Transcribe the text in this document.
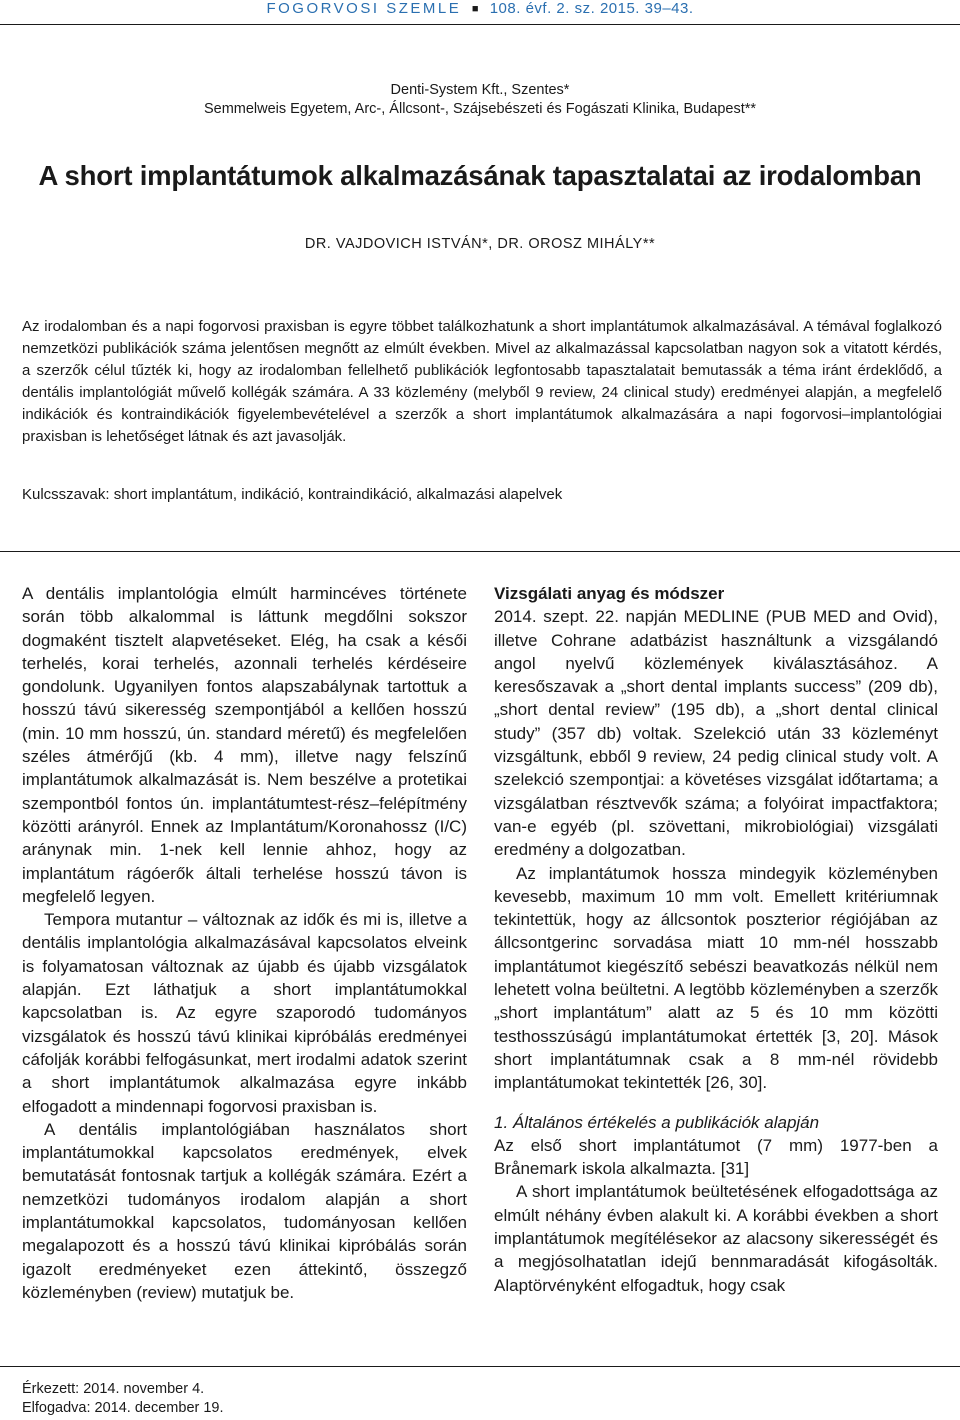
FOGORVOSI SZEMLE ■ 108. évf. 2. sz. 2015. 39–43.
Denti-System Kft., Szentes*
Semmelweis Egyetem, Arc-, Állcsont-, Szájsebészeti és Fogászati Klinika, Budapest**
A short implantátumok alkalmazásának tapasztalatai az irodalomban
DR. VAJDOVICH ISTVÁN*, DR. OROSZ MIHÁLY**

Az irodalomban és a napi fogorvosi praxisban is egyre többet találkozhatunk a short implantátumok alkalmazásával. A témával foglalkozó nemzetközi publikációk száma jelentősen megnőtt az elmúlt években. Mivel az alkalmazással kapcsolatban nagyon sok a vitatott kérdés, a szerzők célul tűzték ki, hogy az irodalomban fellelhető publikációk legfontosabb tapasztalatait bemutassák a téma iránt érdeklődő, a dentális implantológiát művelő kollégák számára. A 33 közlemény (melyből 9 review, 24 clinical study) eredményei alapján, a megfelelő indikációk és kontraindikációk figyelembevételével a szerzők a short implantátumok alkalmazására a napi fogorvosi–implantológiai praxisban is lehetőséget látnak és azt javasolják.

Kulcsszavak: short implantátum, indikáció, kontraindikáció, alkalmazási alapelvek

A dentális implantológia elmúlt harmincéves története során több alkalommal is láttunk megdőlni sokszor dogmaként tisztelt alapvetéseket. Elég, ha csak a késői terhelés, korai terhelés, azonnali terhelés kérdéseire gondolunk. Ugyanilyen fontos alapszabálynak tartottuk a hosszú távú sikeresség szempontjából a kellően hosszú (min. 10 mm hosszú, ún. standard méretű) és megfelelően széles átmérőjű (kb. 4 mm), illetve nagy felszínű implantátumok alkalmazását is. Nem beszélve a protetikai szempontból fontos ún. implantátumtest-rész–felépítmény közötti arányról. Ennek az Implantátum/Koronahossz (I/C) aránynak min. 1-nek kell lennie ahhoz, hogy az implantátum rágóerők általi terhelése hosszú távon is megfelelő legyen.

Tempora mutantur – változnak az idők és mi is, illetve a dentális implantológia alkalmazásával kapcsolatos elveink is folyamatosan változnak az újabb és újabb vizsgálatok alapján. Ezt láthatjuk a short implantátumokkal kapcsolatban is. Az egyre szaporodó tudományos vizsgálatok és hosszú távú klinikai kipróbálás eredményei cáfolják korábbi felfogásunkat, mert irodalmi adatok szerint a short implantátumok alkalmazása egyre inkább elfogadott a mindennapi fogorvosi praxisban is.

A dentális implantológiában használatos short implantátumokkal kapcsolatos eredmények, elvek bemutatását fontosnak tartjuk a kollégák számára. Ezért a nemzetközi tudományos irodalom alapján a short implantátumokkal kapcsolatos, tudományosan kellően megalapozott és a hosszú távú klinikai kipróbálás során igazolt eredményeket ezen áttekintő, összegző közleményben (review) mutatjuk be.

Vizsgálati anyag és módszer

2014. szept. 22. napján MEDLINE (PUB MED and Ovid), illetve Cohrane adatbázist használtunk a vizsgálandó angol nyelvű közlemények kiválasztásához. A keresőszavak a „short dental implants success” (209 db), „short dental review” (195 db), a „short dental clinical study” (357 db) voltak. Szelekció után 33 közleményt vizsgáltunk, ebből 9 review, 24 pedig clinical study volt. A szelekció szempontjai: a követéses vizsgálat időtartama; a vizsgálatban résztvevők száma; a folyóirat impactfaktora; van-e egyéb (pl. szövettani, mikrobiológiai) vizsgálati eredmény a dolgozatban.

Az implantátumok hossza mindegyik közleményben kevesebb, maximum 10 mm volt. Emellett kritériumnak tekintettük, hogy az állcsontok poszterior régiójában az állcsontgerinc sorvadása miatt 10 mm-nél hosszabb implantátumot kiegészítő sebészi beavatkozás nélkül nem lehetett volna beültetni. A legtöbb közleményben a szerzők „short implantátum” alatt az 5 és 10 mm közötti testhosszúságú implantátumokat értették [3, 20]. Mások short implantátumnak csak a 8 mm-nél rövidebb implantátumokat tekintették [26, 30].

1. Általános értékelés a publikációk alapján

Az első short implantátumot (7 mm) 1977-ben a Brånemark iskola alkalmazta. [31]

A short implantátumok beültetésének elfogadottsága az elmúlt néhány évben alakult ki. A korábbi években a short implantátumok megítélésekor az alacsony sikerességét és a megjósolhatatlan idejű bennmaradását kifogásolták. Alaptörvényként elfogadtuk, hogy csak

Érkezett: 2014. november 4.
Elfogadva: 2014. december 19.
